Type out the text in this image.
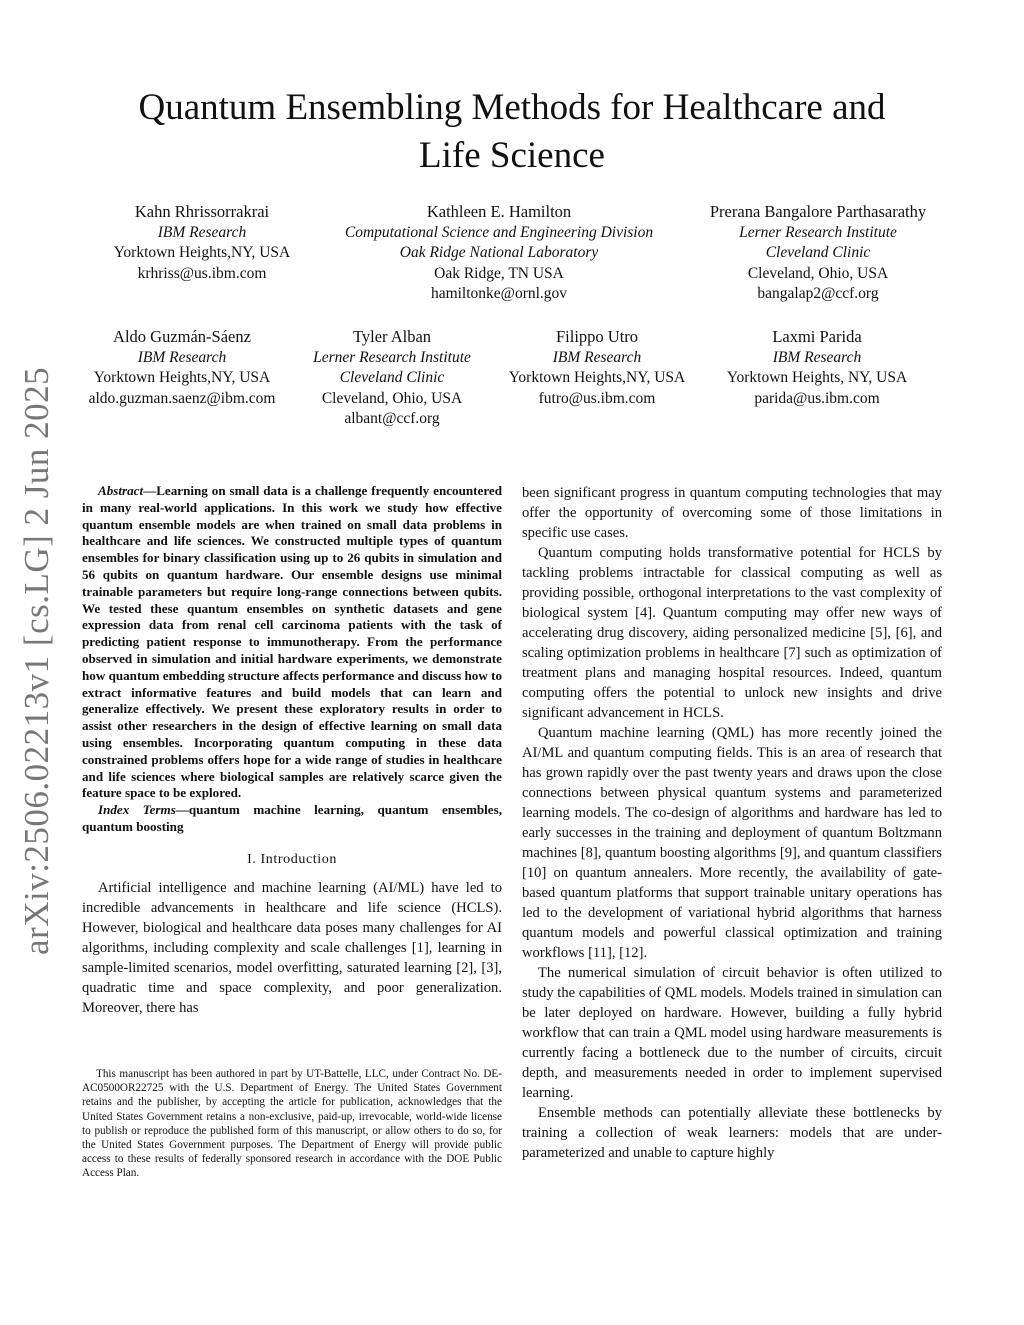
arXiv:2506.02213v1 [cs.LG] 2 Jun 2025
Quantum Ensembling Methods for Healthcare and
Life Science
Kahn Rhrissorrakrai
IBM Research
Yorktown Heights,NY, USA
krhriss@us.ibm.com
Kathleen E. Hamilton
Computational Science and Engineering Division
Oak Ridge National Laboratory
Oak Ridge, TN USA
hamiltonke@ornl.gov
Prerana Bangalore Parthasarathy
Lerner Research Institute
Cleveland Clinic
Cleveland, Ohio, USA
bangalap2@ccf.org
Aldo Guzmán-Sáenz
IBM Research
Yorktown Heights,NY, USA
aldo.guzman.saenz@ibm.com
Tyler Alban
Lerner Research Institute
Cleveland Clinic
Cleveland, Ohio, USA
albant@ccf.org
Filippo Utro
IBM Research
Yorktown Heights,NY, USA
futro@us.ibm.com
Laxmi Parida
IBM Research
Yorktown Heights, NY, USA
parida@us.ibm.com

Abstract—Learning on small data is a challenge frequently encountered in many real-world applications. In this work we study how effective quantum ensemble models are when trained on small data problems in healthcare and life sciences. We constructed multiple types of quantum ensembles for binary classification using up to 26 qubits in simulation and 56 qubits on quantum hardware. Our ensemble designs use minimal trainable parameters but require long-range connections between qubits. We tested these quantum ensembles on synthetic datasets and gene expression data from renal cell carcinoma patients with the task of predicting patient response to immunotherapy. From the performance observed in simulation and initial hardware experiments, we demonstrate how quantum embedding structure affects performance and discuss how to extract informative features and build models that can learn and generalize effectively. We present these exploratory results in order to assist other researchers in the design of effective learning on small data using ensembles. Incorporating quantum computing in these data constrained problems offers hope for a wide range of studies in healthcare and life sciences where biological samples are relatively scarce given the feature space to be explored.

Index Terms—quantum machine learning, quantum ensembles, quantum boosting

I. Introduction

Artificial intelligence and machine learning (AI/ML) have led to incredible advancements in healthcare and life science (HCLS). However, biological and healthcare data poses many challenges for AI algorithms, including complexity and scale challenges [1], learning in sample-limited scenarios, model overfitting, saturated learning [2], [3], quadratic time and space complexity, and poor generalization. Moreover, there has

This manuscript has been authored in part by UT-Battelle, LLC, under Contract No. DE-AC0500OR22725 with the U.S. Department of Energy. The United States Government retains and the publisher, by accepting the article for publication, acknowledges that the United States Government retains a non-exclusive, paid-up, irrevocable, world-wide license to publish or reproduce the published form of this manuscript, or allow others to do so, for the United States Government purposes. The Department of Energy will provide public access to these results of federally sponsored research in accordance with the DOE Public Access Plan.

been significant progress in quantum computing technologies that may offer the opportunity of overcoming some of those limitations in specific use cases.

Quantum computing holds transformative potential for HCLS by tackling problems intractable for classical computing as well as providing possible, orthogonal interpretations to the vast complexity of biological system [4]. Quantum computing may offer new ways of accelerating drug discovery, aiding personalized medicine [5], [6], and scaling optimization problems in healthcare [7] such as optimization of treatment plans and managing hospital resources. Indeed, quantum computing offers the potential to unlock new insights and drive significant advancement in HCLS.

Quantum machine learning (QML) has more recently joined the AI/ML and quantum computing fields. This is an area of research that has grown rapidly over the past twenty years and draws upon the close connections between physical quantum systems and parameterized learning models. The co-design of algorithms and hardware has led to early successes in the training and deployment of quantum Boltzmann machines [8], quantum boosting algorithms [9], and quantum classifiers [10] on quantum annealers. More recently, the availability of gate-based quantum platforms that support trainable unitary operations has led to the development of variational hybrid algorithms that harness quantum models and powerful classical optimization and training workflows [11], [12].

The numerical simulation of circuit behavior is often utilized to study the capabilities of QML models. Models trained in simulation can be later deployed on hardware. However, building a fully hybrid workflow that can train a QML model using hardware measurements is currently facing a bottleneck due to the number of circuits, circuit depth, and measurements needed in order to implement supervised learning.

Ensemble methods can potentially alleviate these bottlenecks by training a collection of weak learners: models that are under-parameterized and unable to capture highly
